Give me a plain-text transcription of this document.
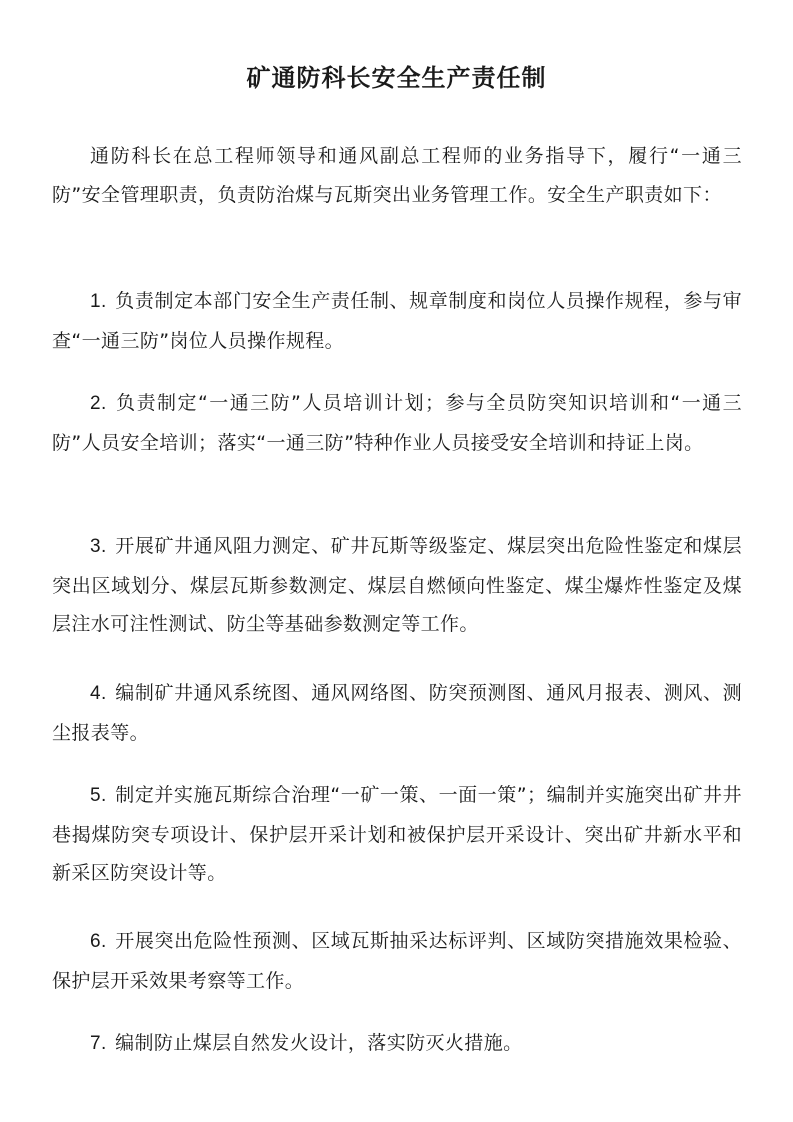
矿通防科长安全生产责任制

通防科长在总工程师领导和通风副总工程师的业务指导下，履行“一通三防”安全管理职责，负责防治煤与瓦斯突出业务管理工作。安全生产职责如下：

1. 负责制定本部门安全生产责任制、规章制度和岗位人员操作规程，参与审查“一通三防”岗位人员操作规程。

2. 负责制定“一通三防”人员培训计划；参与全员防突知识培训和“一通三防”人员安全培训；落实“一通三防”特种作业人员接受安全培训和持证上岗。

3. 开展矿井通风阻力测定、矿井瓦斯等级鉴定、煤层突出危险性鉴定和煤层突出区域划分、煤层瓦斯参数测定、煤层自燃倾向性鉴定、煤尘爆炸性鉴定及煤层注水可注性测试、防尘等基础参数测定等工作。

4. 编制矿井通风系统图、通风网络图、防突预测图、通风月报表、测风、测尘报表等。

5. 制定并实施瓦斯综合治理“一矿一策、一面一策”；编制并实施突出矿井井巷揭煤防突专项设计、保护层开采计划和被保护层开采设计、突出矿井新水平和新采区防突设计等。

6. 开展突出危险性预测、区域瓦斯抽采达标评判、区域防突措施效果检验、保护层开采效果考察等工作。

7. 编制防止煤层自然发火设计，落实防灭火措施。
